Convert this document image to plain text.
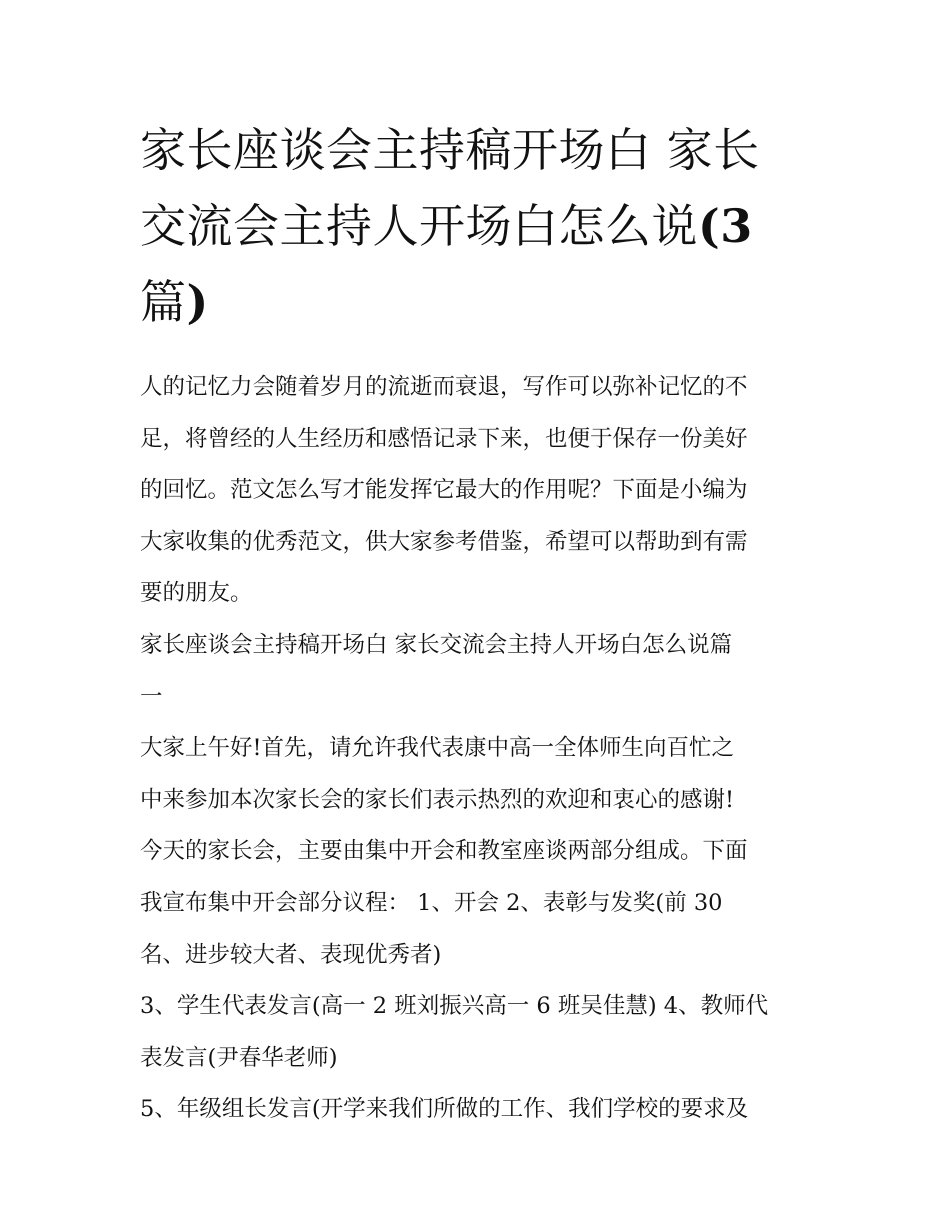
家长座谈会主持稿开场白 家长
交流会主持人开场白怎么说(3
篇)

人的记忆力会随着岁月的流逝而衰退，写作可以弥补记忆的不
足，将曾经的人生经历和感悟记录下来，也便于保存一份美好
的回忆。范文怎么写才能发挥它最大的作用呢？下面是小编为
大家收集的优秀范文，供大家参考借鉴，希望可以帮助到有需
要的朋友。

家长座谈会主持稿开场白 家长交流会主持人开场白怎么说篇
一

大家上午好!首先，请允许我代表康中高一全体师生向百忙之
中来参加本次家长会的家长们表示热烈的欢迎和衷心的感谢!
今天的家长会，主要由集中开会和教室座谈两部分组成。下面
我宣布集中开会部分议程： 1、开会 2、表彰与发奖(前 30
名、进步较大者、表现优秀者)

3、学生代表发言(高一 2 班刘振兴高一 6 班吴佳慧) 4、教师代
表发言(尹春华老师)

5、年级组长发言(开学来我们所做的工作、我们学校的要求及
